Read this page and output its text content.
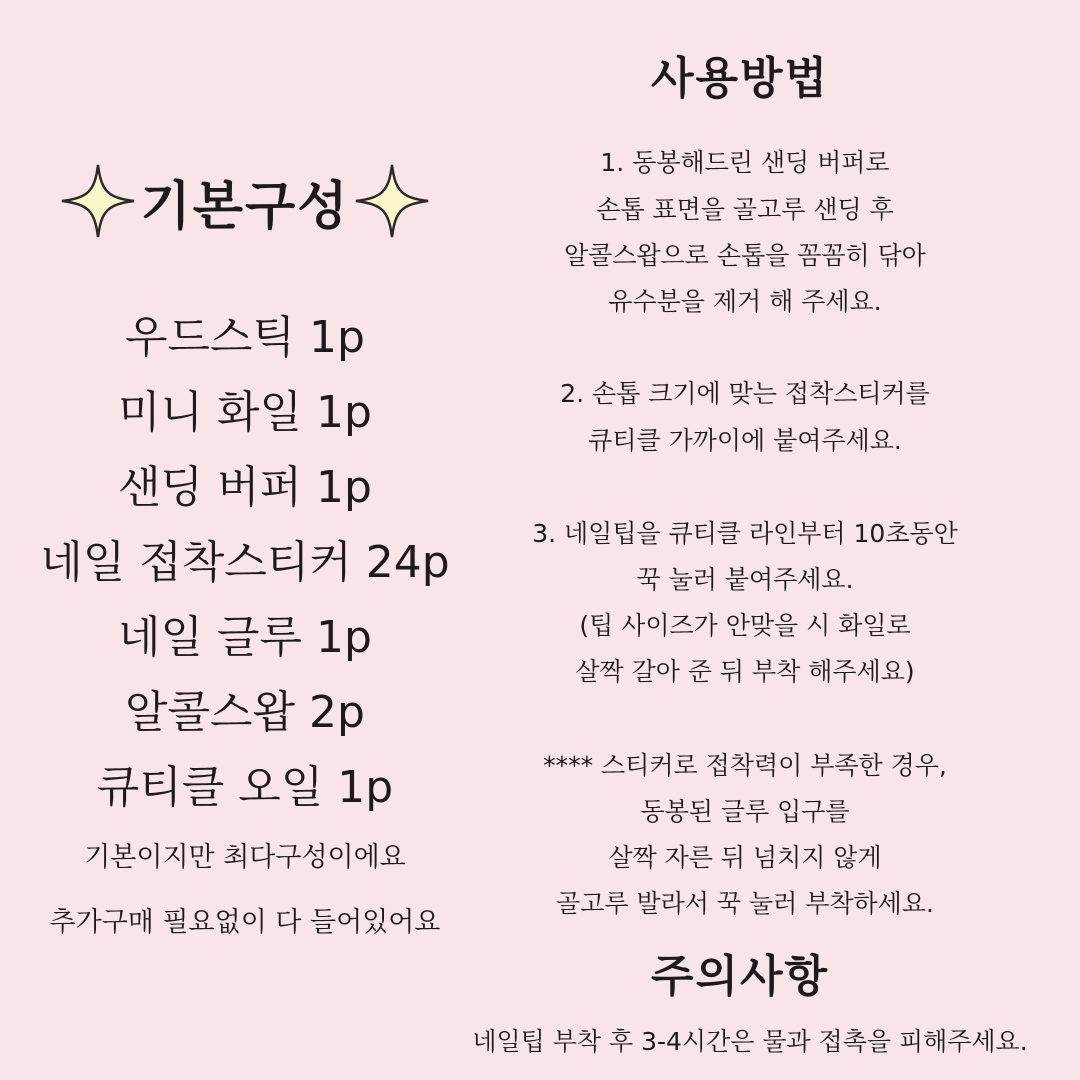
기본구성
우드스틱 1p
미니 화일 1p
샌딩 버퍼 1p
네일 접착스티커 24p
네일 글루 1p
알콜스왑 2p
큐티클 오일 1p
기본이지만 최다구성이에요
추가구매 필요없이 다 들어있어요
사용방법
1. 동봉해드린 샌딩 버퍼로
손톱 표면을 골고루 샌딩 후
알콜스왑으로 손톱을 꼼꼼히 닦아
유수분을 제거 해 주세요.
2. 손톱 크기에 맞는 접착스티커를
큐티클 가까이에 붙여주세요.
3. 네일팁을 큐티클 라인부터 10초동안
꾹 눌러 붙여주세요.
(팁 사이즈가 안맞을 시 화일로
살짝 갈아 준 뒤 부착 해주세요)
**** 스티커로 접착력이 부족한 경우,
동봉된 글루 입구를
살짝 자른 뒤 넘치지 않게
골고루 발라서 꾹 눌러 부착하세요.
주의사항
네일팁 부착 후 3-4시간은 물과 접촉을 피해주세요.
